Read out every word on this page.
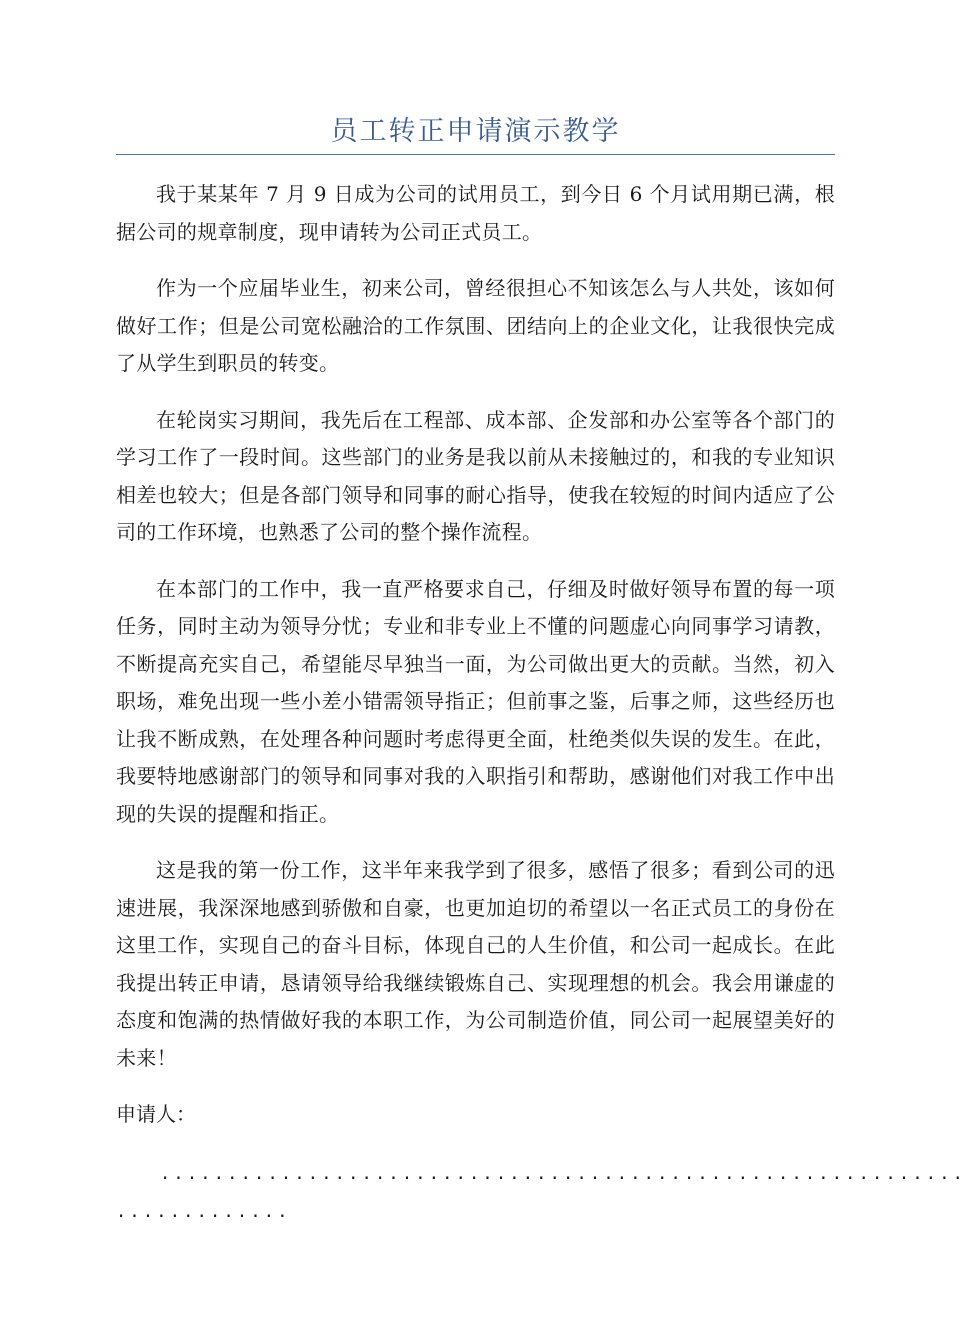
员工转正申请演示教学

我于某某年 7 月 9 日成为公司的试用员工，到今日 6 个月试用期已满，根据公司的规章制度，现申请转为公司正式员工。

作为一个应届毕业生，初来公司，曾经很担心不知该怎么与人共处，该如何做好工作；但是公司宽松融洽的工作氛围、团结向上的企业文化，让我很快完成了从学生到职员的转变。

在轮岗实习期间，我先后在工程部、成本部、企发部和办公室等各个部门的学习工作了一段时间。这些部门的业务是我以前从未接触过的，和我的专业知识相差也较大；但是各部门领导和同事的耐心指导，使我在较短的时间内适应了公司的工作环境，也熟悉了公司的整个操作流程。

在本部门的工作中，我一直严格要求自己，仔细及时做好领导布置的每一项任务，同时主动为领导分忧；专业和非专业上不懂的问题虚心向同事学习请教，不断提高充实自己，希望能尽早独当一面，为公司做出更大的贡献。当然，初入职场，难免出现一些小差小错需领导指正；但前事之鉴，后事之师，这些经历也让我不断成熟，在处理各种问题时考虑得更全面，杜绝类似失误的发生。在此，我要特地感谢部门的领导和同事对我的入职指引和帮助，感谢他们对我工作中出现的失误的提醒和指正。

这是我的第一份工作，这半年来我学到了很多，感悟了很多；看到公司的迅速进展，我深深地感到骄傲和自豪，也更加迫切的希望以一名正式员工的身份在这里工作，实现自己的奋斗目标，体现自己的人生价值，和公司一起成长。在此我提出转正申请，恳请领导给我继续锻炼自己、实现理想的机会。我会用谦虚的态度和饱满的热情做好我的本职工作，为公司制造价值，同公司一起展望美好的未来！

申请人：

............................................................
.............
